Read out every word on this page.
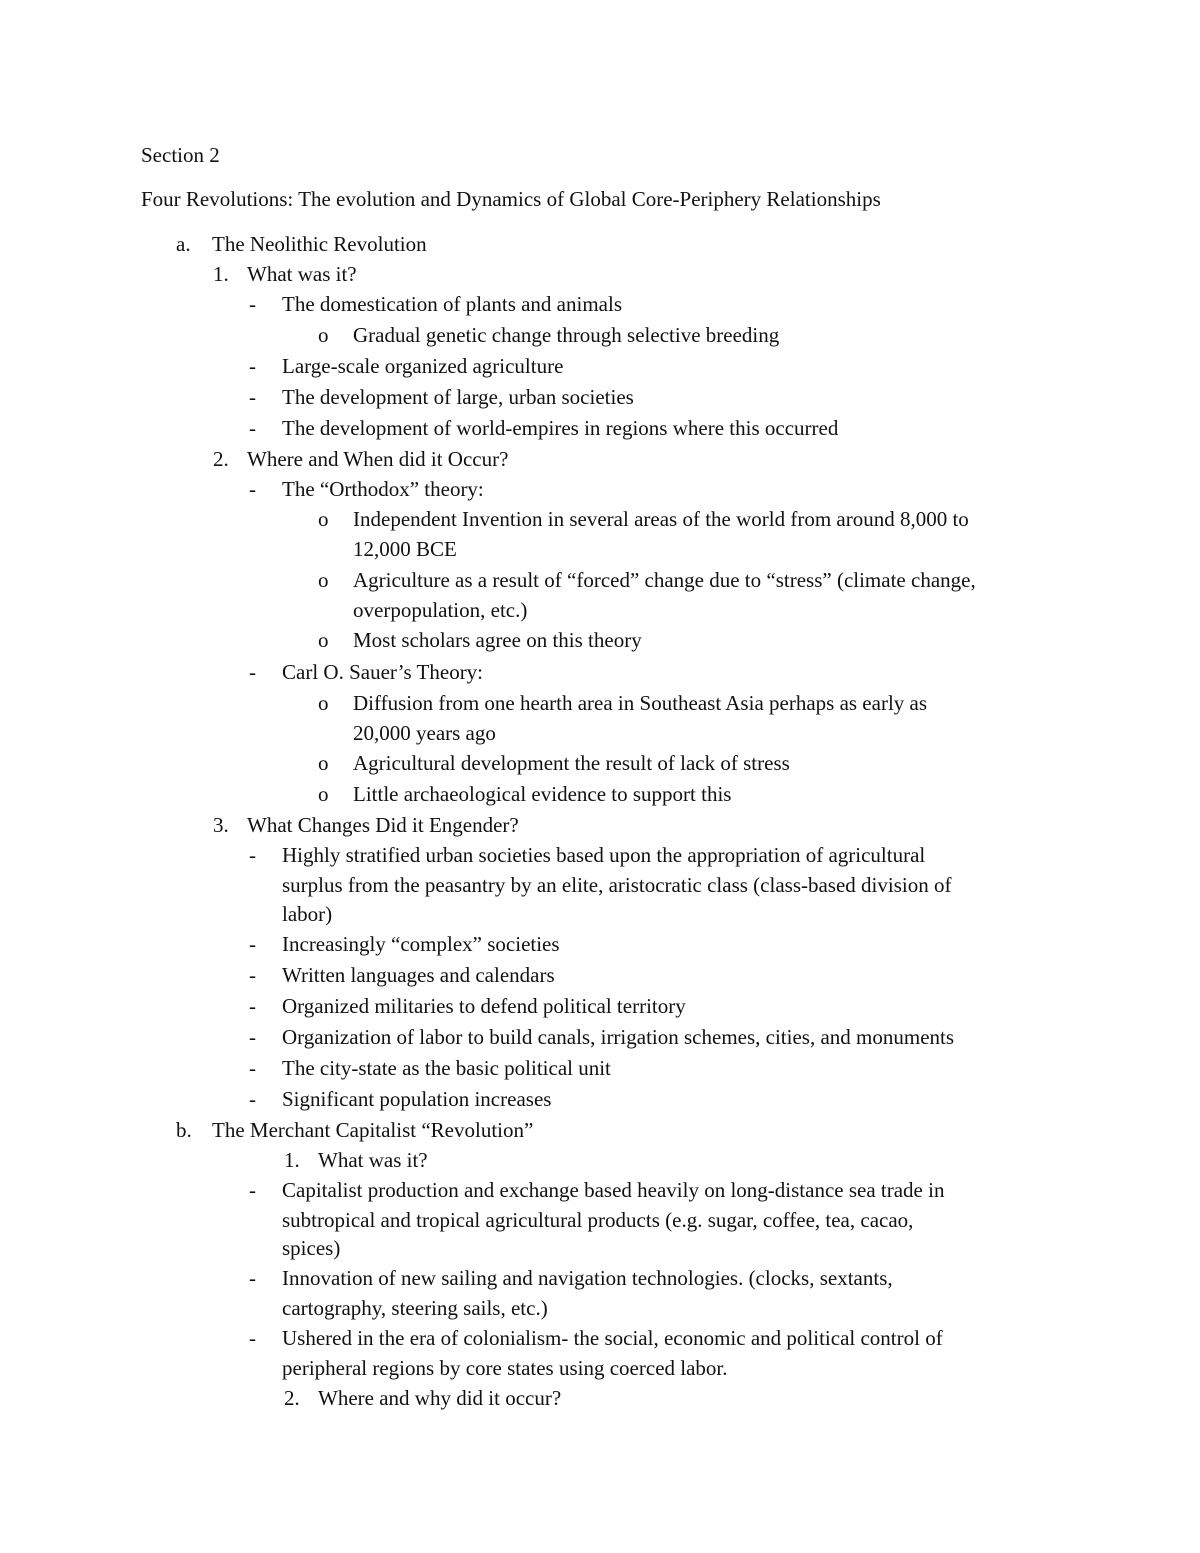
Section 2
Four Revolutions: The evolution and Dynamics of Global Core-Periphery Relationships
a. The Neolithic Revolution
1. What was it?
- The domestication of plants and animals
o Gradual genetic change through selective breeding
- Large-scale organized agriculture
- The development of large, urban societies
- The development of world-empires in regions where this occurred
2. Where and When did it Occur?
- The “Orthodox” theory:
o Independent Invention in several areas of the world from around 8,000 to
12,000 BCE
o Agriculture as a result of “forced” change due to “stress” (climate change,
overpopulation, etc.)
o Most scholars agree on this theory
- Carl O. Sauer’s Theory:
o Diffusion from one hearth area in Southeast Asia perhaps as early as
20,000 years ago
o Agricultural development the result of lack of stress
o Little archaeological evidence to support this
3. What Changes Did it Engender?
- Highly stratified urban societies based upon the appropriation of agricultural
surplus from the peasantry by an elite, aristocratic class (class-based division of
labor)
- Increasingly “complex” societies
- Written languages and calendars
- Organized militaries to defend political territory
- Organization of labor to build canals, irrigation schemes, cities, and monuments
- The city-state as the basic political unit
- Significant population increases
b. The Merchant Capitalist “Revolution”
1. What was it?
- Capitalist production and exchange based heavily on long-distance sea trade in
subtropical and tropical agricultural products (e.g. sugar, coffee, tea, cacao,
spices)
- Innovation of new sailing and navigation technologies. (clocks, sextants,
cartography, steering sails, etc.)
- Ushered in the era of colonialism- the social, economic and political control of
peripheral regions by core states using coerced labor.
2. Where and why did it occur?
